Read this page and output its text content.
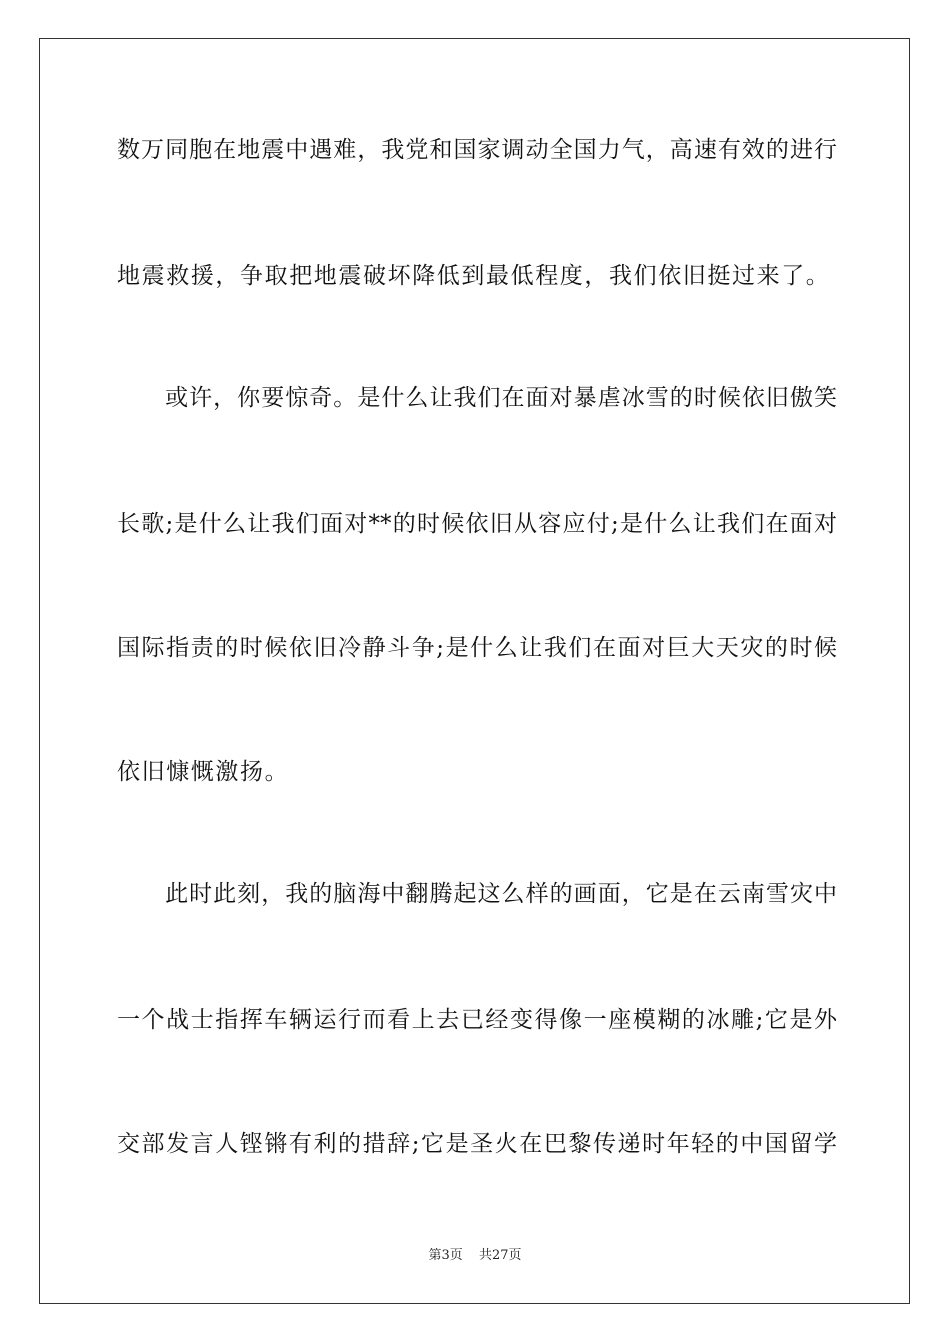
数万同胞在地震中遇难，我党和国家调动全国力气，高速有效的进行
地震救援，争取把地震破坏降低到最低程度，我们依旧挺过来了。
　　或许，你要惊奇。是什么让我们在面对暴虐冰雪的时候依旧傲笑
长歌;是什么让我们面对**的时候依旧从容应付;是什么让我们在面对
国际指责的时候依旧冷静斗争;是什么让我们在面对巨大天灾的时候
依旧慷慨激扬。
　　此时此刻，我的脑海中翻腾起这么样的画面，它是在云南雪灾中
一个战士指挥车辆运行而看上去已经变得像一座模糊的冰雕;它是外
交部发言人铿锵有利的措辞;它是圣火在巴黎传递时年轻的中国留学
第3页 共27页
